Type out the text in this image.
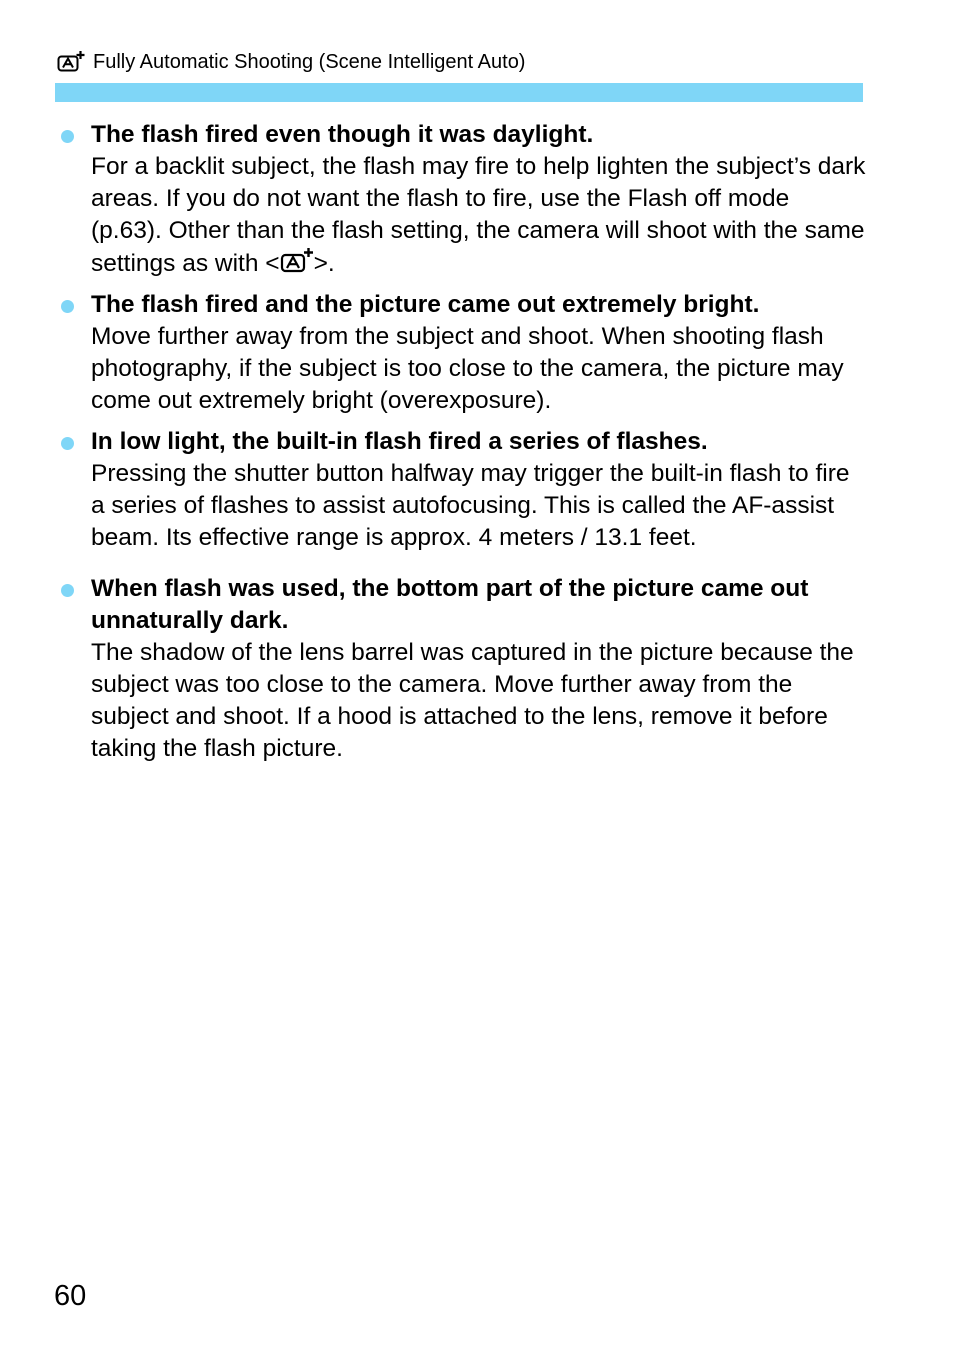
Fully Automatic Shooting (Scene Intelligent Auto)
The flash fired even though it was daylight.
For a backlit subject, the flash may fire to help lighten the subject’s dark areas. If you do not want the flash to fire, use the Flash off mode (p.63). Other than the flash setting, the camera will shoot with the same settings as with < >.
The flash fired and the picture came out extremely bright.
Move further away from the subject and shoot. When shooting flash photography, if the subject is too close to the camera, the picture may come out extremely bright (overexposure).
In low light, the built-in flash fired a series of flashes.
Pressing the shutter button halfway may trigger the built-in flash to fire a series of flashes to assist autofocusing. This is called the AF-assist beam. Its effective range is approx. 4 meters / 13.1 feet.
When flash was used, the bottom part of the picture came out unnaturally dark.
The shadow of the lens barrel was captured in the picture because the subject was too close to the camera. Move further away from the subject and shoot. If a hood is attached to the lens, remove it before taking the flash picture.
60
